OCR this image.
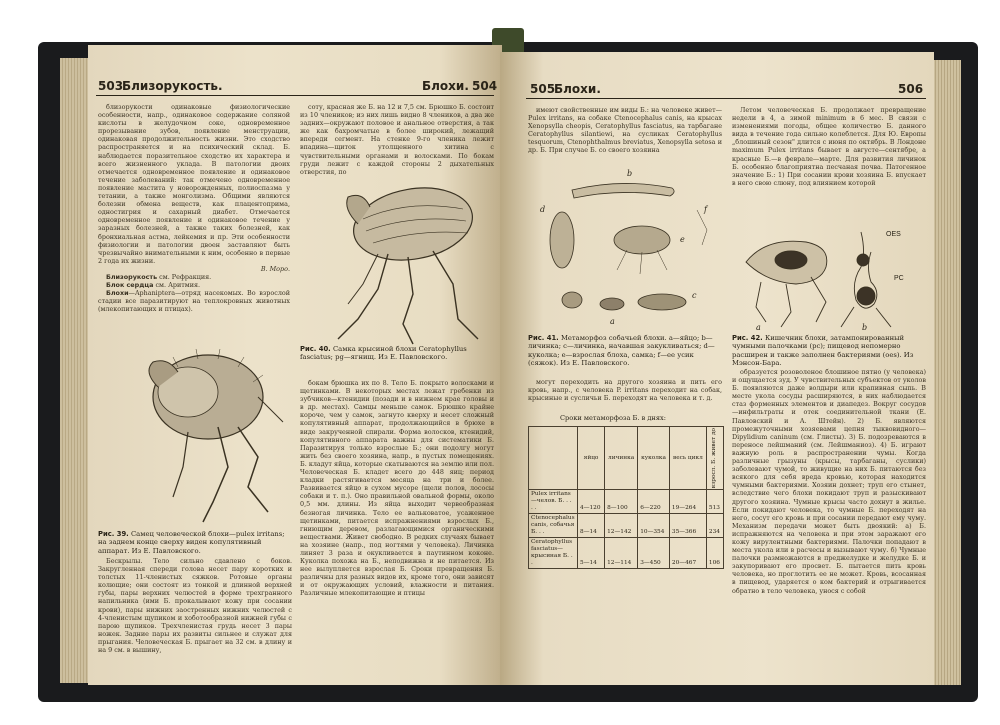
503
Близорукость.	Блохи. 504

близорукости одинаковые физиологические особенности, напр., одинаковое содержание соляной кислоты в желудочном соке, одновременное прорезывание зубов, появление менструации, одинаковая продолжительность жизни. Это сходство распространяется и на психический склад. Б. наблюдается поразительное сходство их характера и всего жизненного уклада. В патологии двоих отмечается одновременное появление и одинаковое течение заболеваний: так отмечено одновременное появление мастита у новорожденных, полиоспазма у тетании, а также монголизма. Общими являются болезни обмена веществ, как плацентоприма, одностигрия и сахарный диабет. Отмечается одновременное появление и одинаковое течение у заразных болезней, а также таких болезней, как бронхиальная астма, лейкемия и пр. Эти особенности физиологии и патологии двоен заставляют быть чрезвычайно внимательными к ним, особенно в первые 2 года их жизни.

В. Моро.

Близорукость см. Рефракция.

Блок сердца см. Аритмия.

Блохи—Aphaniptera—отряд насекомых. Во взрослой стадии все паразитируют на теплокровных животных (млекопитающих и птицах).

Рис. 39. Самец человеческой блохи—pulex irritans; на заднем конце сверху виден копулятивный аппарат. Из Е. Павловского.

Бескрылы. Тело сильно сдавлено с боков. Закругленная спереди голова несет пару коротких и толстых 11-членистых сяжков. Ротовые органы колющие; они состоят из тонкой и длинной верхней губы, пары верхних челюстей в форме трехгранного напильника (ими Б. прокалывают кожу при сосании крови), пары нижних заостренных нижних челюстей с 4-членистым щупиком и хоботообразной нижней губы с парою щупиков. Трехчленистая грудь несет 3 пары ножек. Задние пары их развиты сильнее и служат для прыгания. Человеческая Б. прыгает на 32 см. в длину и на 9 см. в вышину,

соту, красная же Б. на 12 и 7,5 см. Брюшко Б. состоит из 10 члеников; из них лишь видно 8 члеников, а два же задних—окружают половое и анальное отверстия, а так же как бахромчатые в более широкий, лежащий впереди сегмент. На стенке 9-го членика лежит впадина—щиток утолщенного хитина с чувствительными органами и волосками. По бокам груди лежит с каждой стороны 2 дыхательных отверстия, по

Рис. 40. Самка крысиной блохи Ceratophyllus fasciatus; pg—ягнищ. Из Е. Павловского.

бокам брюшка их по 8. Тело Б. покрыто волосками и щетинками. В некоторых местах лежат гребенки из зубчиков—ктенидии (позади и в нижнем крае головы и в др. местах). Самцы меньше самок. Брюшко крайне короче, чем у самок, загнуто кверху и несет сложный копулятивный аппарат, продолжающийся в брюхе в виде закрученной спирали. Форма волосков, ктенидий, копулятивного аппарата важны для систематики Б. Паразитируя только взрослые Б.; они подолгу могут жить без своего хозяина, напр., в пустых помещениях. Б. кладут яйца, которые скатываются на землю или пол. Человеческая Б. кладет всего до 448 яиц; период кладки растягивается месяца на три и более. Развивается яйцо в сухом мусоре (щели полов, лососы собаки и т. п.). Оно правильной овальной формы, около 0,5 мм. длины. Из яйца выходит червеобразная безногая личинка. Тело ее вальковатое, усаженное щетинками, питается испражнениями взрослых Б., гниющим деревом, разлагающимися органическими веществами. Живет свободно. В редких случаях бывает на хозяине (напр., под ногтями у человека). Личинка линяет 3 раза и окукливается в паутинном коконе. Куколка похожа на Б., неподвижна и не питается. Из нее вылупляется взрослая Б. Сроки превращения Б. различны для разных видов их, кроме того, они зависят и от окружающих условий, влажности и питания. Различные млекопитающие и птицы

505
Блохи.	506

имеют свойственные им виды Б.: на человеке живет—Pulex irritans, на собаке Ctenocephalus canis, на крысах Xenopsylla cheopis, Ceratophyllus fasciatus, на тарбагане Ceratophyllus silantiewi, на сусликах Ceratophyllus tesquorum, Ctenophthalmus breviatus, Xenopsylla setosa и др. Б. При случае Б. со своего хозяина

b
d
e
f
c
a
Рис. 41. Метаморфоз собачьей блохи. a—яйцо; b—личинка; c—личинка, начавшая закукливаться; d—куколка; e—взрослая блоха, самка; f—ее усик (сяжок). Из Е. Павловского.

могут переходить на другого хозяина и пить его кровь, напр., с человека P. irritans переходит на собак, крысиные и сусличьи Б. переходят на человека и т. д.

Сроки метаморфоза Б. в днях:
	яйцо	личинка	куколка	весь цикл	взросл. Б. живет до
Pulex irritans—челов. Б. . . . .	4—120	8—100	6—220	19—264	513
Ctenocephalus canis, собачья Б. . .	8—14	12—142	10—354	35—366	234
Ceratophyllus fasciatus—крысиная Б. . .	5—14	12—114	3—450	20—467	106

Летом человеческая Б. продолжает превращение недели в 4, а зимой minimum в 6 мес. В связи с изменениями погоды, общее количество Б. данного вида в течение года сильно колеблется. Для Ю. Европы „блошиный сезон" длится с июня по октябрь. В Лондоне maximum Pulex irritans бывает в августе—сентябре, а красные Б.—в феврале—марте. Для развития личинок Б. особенно благоприятна песчаная почва. Патогенное значение Б.: 1) При сосании крови хозяина Б. впускает в него свою слюну, под влиянием которой

OES
PC
a	b
Рис. 42. Кишечник блохи, затампонированный чумными палочками (pc); пищевод непомерно расширен и также заполнен бактериями (oes). Из Мэнсон-Бара.

образуется розоволеное блошиное пятно (у человека) и ощущается зуд. У чувствительных субъектов от уколов Б. появляются даже волдыри или крапивная сыпь. В месте укола сосуды расширяются, в них наблюдается стаз форменных элементов и диапедез. Вокруг сосудов—инфильтраты и отек соединительной ткани (Е. Павловский и А. Штейн). 2) Б. являются промежуточными хозяевами цепня тыквовидного—Dipylidium caninum (см. Глисты). 3) Б. подозреваются в переносе лейшманий (см. Лейшманиоз). 4) Б. играют важную роль в распространении чумы. Когда различные грызуны (крысы, тарбаганы, суслики) заболевают чумой, то живущие на них Б. питаются без всякого для себя вреда кровью, которая находится чумными бактериями. Хозяин дохнет; труп его стынет, вследствие чего блохи покидают труп и разыскивают другого хозяина. Чумные крысы часто дохнут в жилье. Если покидают человека, то чумные Б. переходят на него, сосут его кровь и при сосании передают ему чуму. Механизм передачи может быть двоякий: а) Б. испражняются на человека и при этом заражают его кожу вирулентными бактериями. Палочки попадают в места укола или в расчесы и вызывают чуму. б) Чумные палочки размножаются в преджелудке и желудке Б. и закупоривают его просвет. Б. пытается пить кровь человека, но проглотить ее не может. Кровь, всосанная в пищевод, ударяется о ком бактерий и отрыгивается обратно в тело человека, унося с собой
